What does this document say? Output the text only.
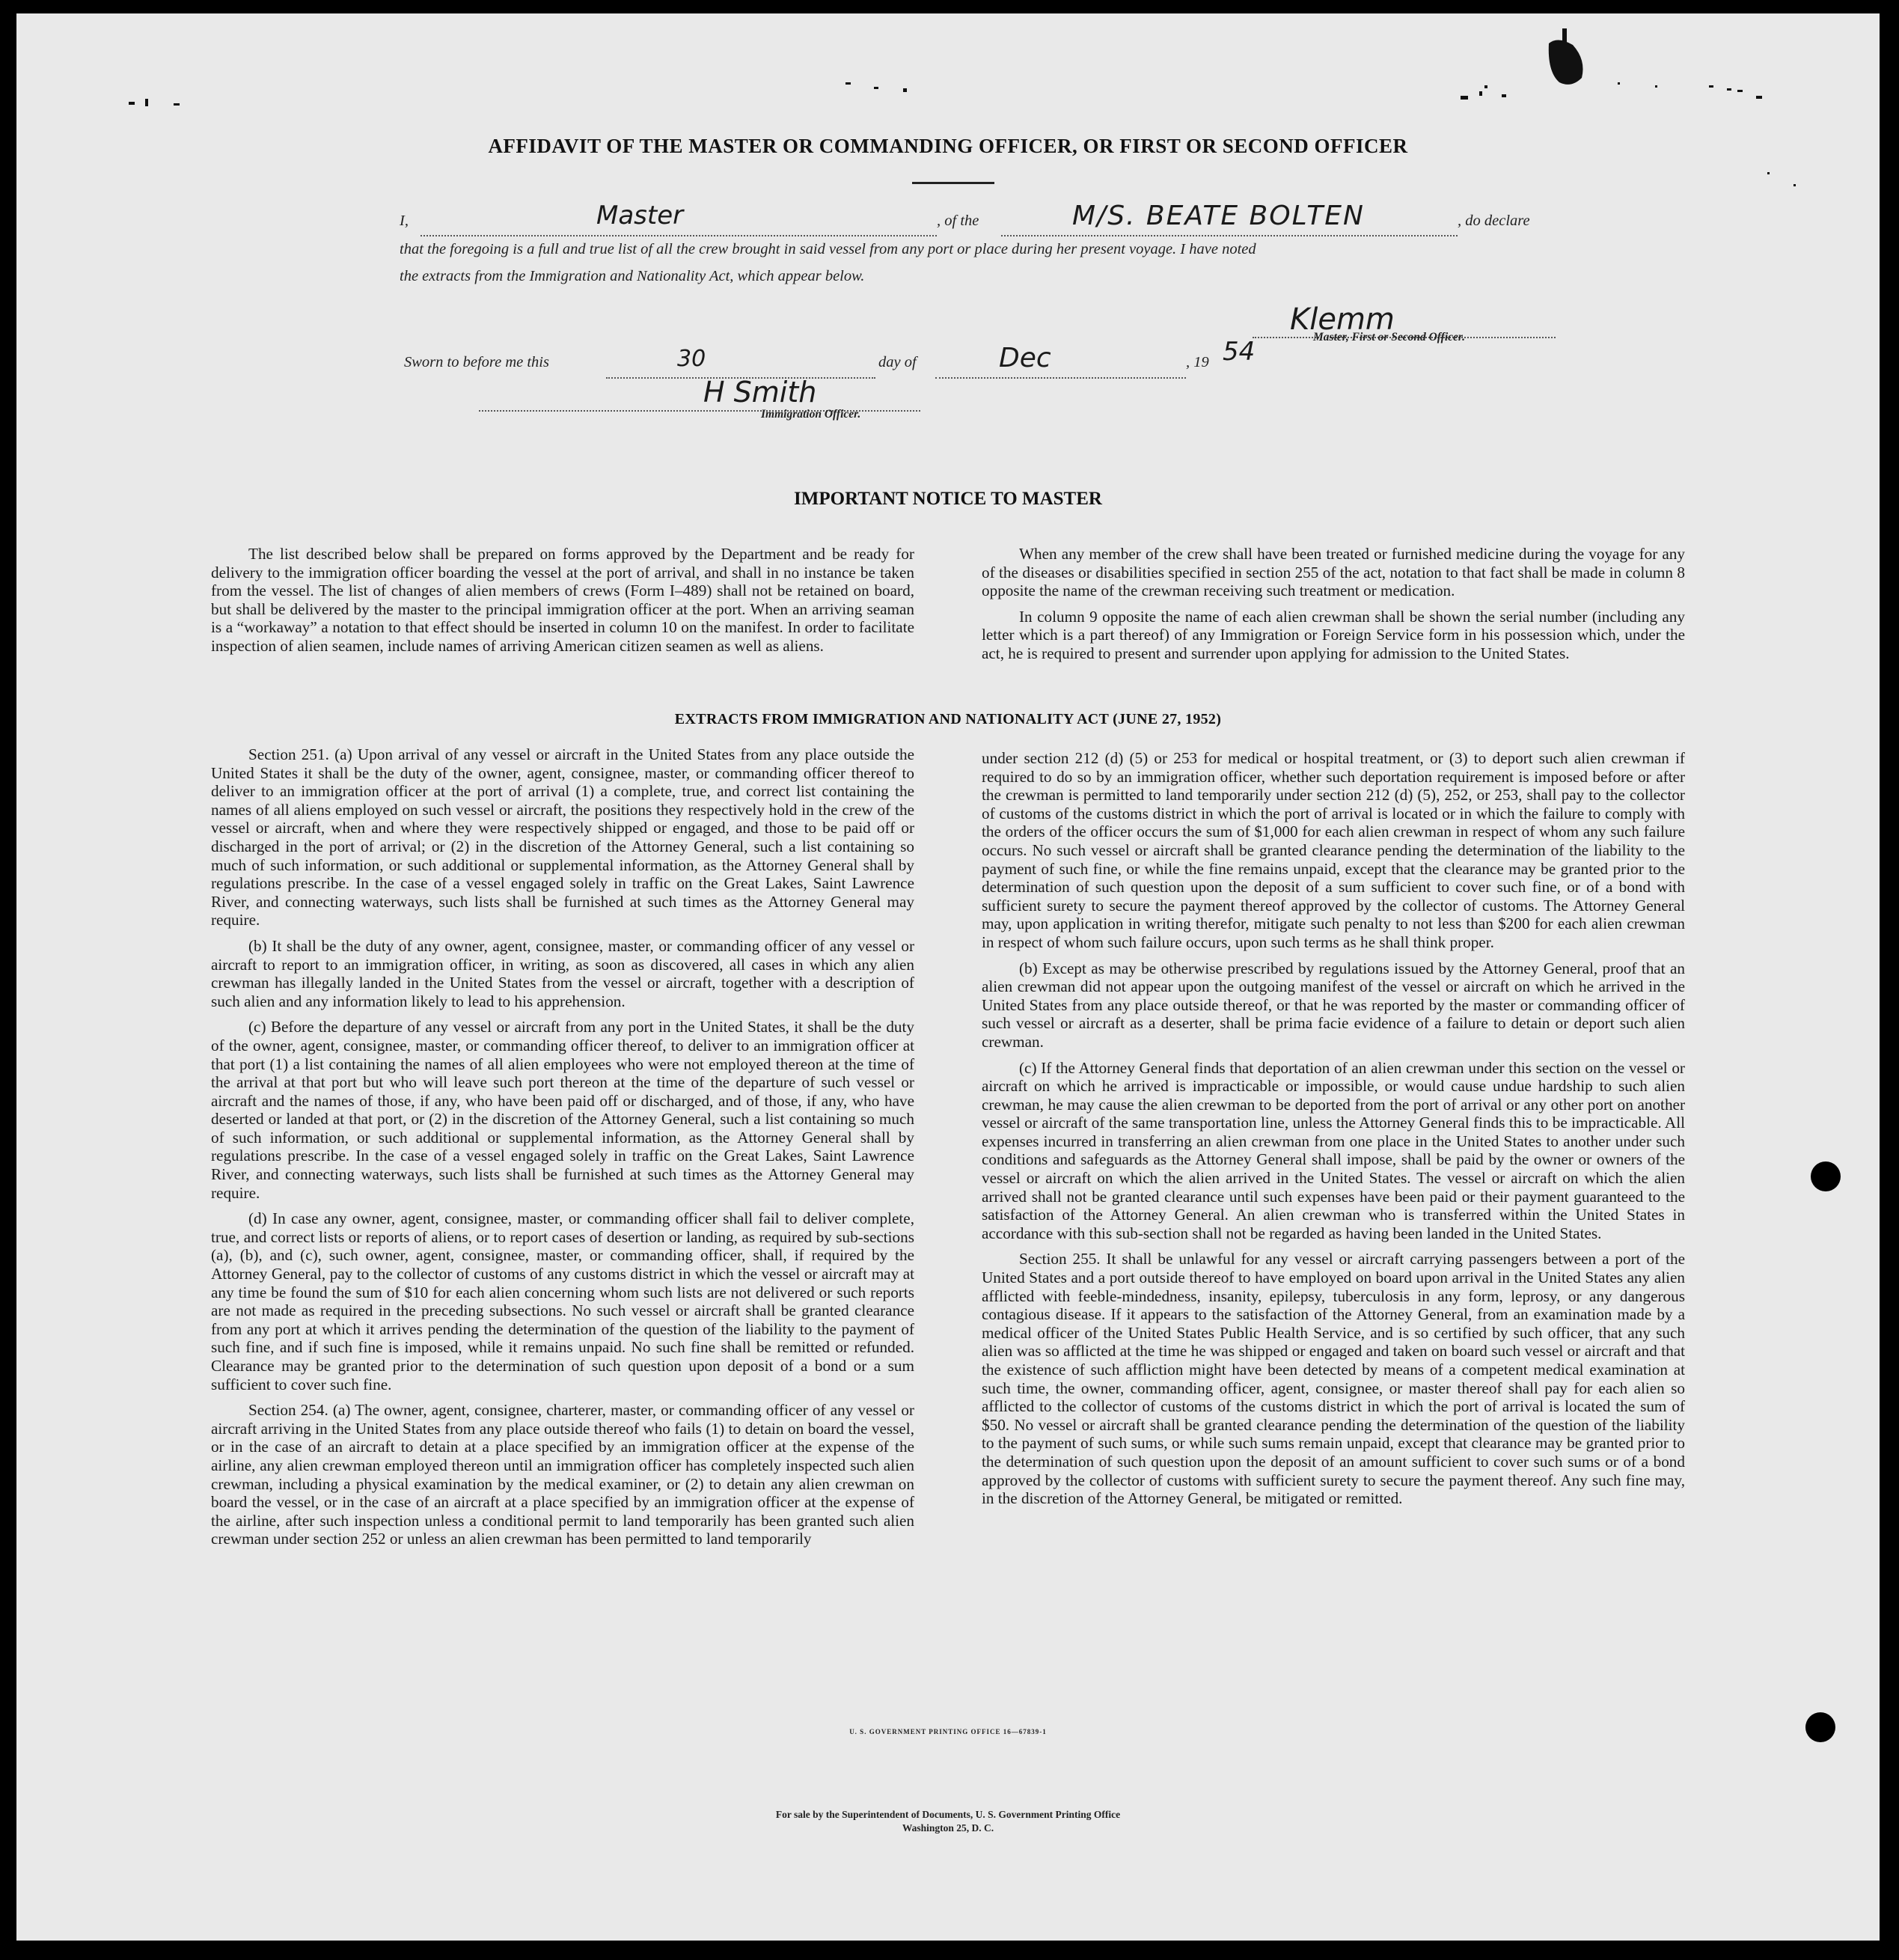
AFFIDAVIT OF THE MASTER OR COMMANDING OFFICER, OR FIRST OR SECOND OFFICER
I,	Master	, of the	M/S. BEATE BOLTEN	, do declare
that the foregoing is a full and true list of all the crew brought in said vessel from any port or place during her present voyage. I have noted
the extracts from the Immigration and Nationality Act, which appear below.
Klemm
Master, First or Second Officer.
Sworn to before me this	30	day of	Dec	, 19 54
H Smith
Immigration Officer.
IMPORTANT NOTICE TO MASTER

The list described below shall be prepared on forms approved by the Department and be ready for delivery to the immigration officer boarding the vessel at the port of arrival, and shall in no instance be taken from the vessel. The list of changes of alien members of crews (Form I–489) shall not be retained on board, but shall be delivered by the master to the principal immigration officer at the port. When an arriving seaman is a “workaway” a notation to that effect should be inserted in column 10 on the manifest. In order to facilitate inspection of alien seamen, include names of arriving American citizen seamen as well as aliens.

When any member of the crew shall have been treated or furnished medicine during the voyage for any of the diseases or disabilities specified in section 255 of the act, notation to that fact shall be made in column 8 opposite the name of the crewman receiving such treatment or medication.

In column 9 opposite the name of each alien crewman shall be shown the serial number (including any letter which is a part thereof) of any Immigration or Foreign Service form in his possession which, under the act, he is required to present and surrender upon applying for admission to the United States.

EXTRACTS FROM IMMIGRATION AND NATIONALITY ACT (JUNE 27, 1952)

Section 251. (a) Upon arrival of any vessel or aircraft in the United States from any place outside the United States it shall be the duty of the owner, agent, consignee, master, or commanding officer thereof to deliver to an immigration officer at the port of arrival (1) a complete, true, and correct list containing the names of all aliens employed on such vessel or aircraft, the positions they respectively hold in the crew of the vessel or aircraft, when and where they were respectively shipped or engaged, and those to be paid off or discharged in the port of arrival; or (2) in the discretion of the Attorney General, such a list containing so much of such information, or such additional or supplemental information, as the Attorney General shall by regulations prescribe. In the case of a vessel engaged solely in traffic on the Great Lakes, Saint Lawrence River, and connecting waterways, such lists shall be furnished at such times as the Attorney General may require.

(b) It shall be the duty of any owner, agent, consignee, master, or commanding officer of any vessel or aircraft to report to an immigration officer, in writing, as soon as discovered, all cases in which any alien crewman has illegally landed in the United States from the vessel or aircraft, together with a description of such alien and any information likely to lead to his apprehension.

(c) Before the departure of any vessel or aircraft from any port in the United States, it shall be the duty of the owner, agent, consignee, master, or commanding officer thereof, to deliver to an immigration officer at that port (1) a list containing the names of all alien employees who were not employed thereon at the time of the arrival at that port but who will leave such port thereon at the time of the departure of such vessel or aircraft and the names of those, if any, who have been paid off or discharged, and of those, if any, who have deserted or landed at that port, or (2) in the discretion of the Attorney General, such a list containing so much of such information, or such additional or supplemental information, as the Attorney General shall by regulations prescribe. In the case of a vessel engaged solely in traffic on the Great Lakes, Saint Lawrence River, and connecting waterways, such lists shall be furnished at such times as the Attorney General may require.

(d) In case any owner, agent, consignee, master, or commanding officer shall fail to deliver complete, true, and correct lists or reports of aliens, or to report cases of desertion or landing, as required by sub-sections (a), (b), and (c), such owner, agent, consignee, master, or commanding officer, shall, if required by the Attorney General, pay to the collector of customs of any customs district in which the vessel or aircraft may at any time be found the sum of $10 for each alien concerning whom such lists are not delivered or such reports are not made as required in the preceding subsections. No such vessel or aircraft shall be granted clearance from any port at which it arrives pending the determination of the question of the liability to the payment of such fine, and if such fine is imposed, while it remains unpaid. No such fine shall be remitted or refunded. Clearance may be granted prior to the determination of such question upon deposit of a bond or a sum sufficient to cover such fine.

Section 254. (a) The owner, agent, consignee, charterer, master, or commanding officer of any vessel or aircraft arriving in the United States from any place outside thereof who fails (1) to detain on board the vessel, or in the case of an aircraft to detain at a place specified by an immigration officer at the expense of the airline, any alien crewman employed thereon until an immigration officer has completely inspected such alien crewman, including a physical examination by the medical examiner, or (2) to detain any alien crewman on board the vessel, or in the case of an aircraft at a place specified by an immigration officer at the expense of the airline, after such inspection unless a conditional permit to land temporarily has been granted such alien crewman under section 252 or unless an alien crewman has been permitted to land temporarily

under section 212 (d) (5) or 253 for medical or hospital treatment, or (3) to deport such alien crewman if required to do so by an immigration officer, whether such deportation requirement is imposed before or after the crewman is permitted to land temporarily under section 212 (d) (5), 252, or 253, shall pay to the collector of customs of the customs district in which the port of arrival is located or in which the failure to comply with the orders of the officer occurs the sum of $1,000 for each alien crewman in respect of whom any such failure occurs. No such vessel or aircraft shall be granted clearance pending the determination of the liability to the payment of such fine, or while the fine remains unpaid, except that the clearance may be granted prior to the determination of such question upon the deposit of a sum sufficient to cover such fine, or of a bond with sufficient surety to secure the payment thereof approved by the collector of customs. The Attorney General may, upon application in writing therefor, mitigate such penalty to not less than $200 for each alien crewman in respect of whom such failure occurs, upon such terms as he shall think proper.

(b) Except as may be otherwise prescribed by regulations issued by the Attorney General, proof that an alien crewman did not appear upon the outgoing manifest of the vessel or aircraft on which he arrived in the United States from any place outside thereof, or that he was reported by the master or commanding officer of such vessel or aircraft as a deserter, shall be prima facie evidence of a failure to detain or deport such alien crewman.

(c) If the Attorney General finds that deportation of an alien crewman under this section on the vessel or aircraft on which he arrived is impracticable or impossible, or would cause undue hardship to such alien crewman, he may cause the alien crewman to be deported from the port of arrival or any other port on another vessel or aircraft of the same transportation line, unless the Attorney General finds this to be impracticable. All expenses incurred in transferring an alien crewman from one place in the United States to another under such conditions and safeguards as the Attorney General shall impose, shall be paid by the owner or owners of the vessel or aircraft on which the alien arrived in the United States. The vessel or aircraft on which the alien arrived shall not be granted clearance until such expenses have been paid or their payment guaranteed to the satisfaction of the Attorney General. An alien crewman who is transferred within the United States in accordance with this sub-section shall not be regarded as having been landed in the United States.

Section 255. It shall be unlawful for any vessel or aircraft carrying passengers between a port of the United States and a port outside thereof to have employed on board upon arrival in the United States any alien afflicted with feeble-mindedness, insanity, epilepsy, tuberculosis in any form, leprosy, or any dangerous contagious disease. If it appears to the satisfaction of the Attorney General, from an examination made by a medical officer of the United States Public Health Service, and is so certified by such officer, that any such alien was so afflicted at the time he was shipped or engaged and taken on board such vessel or aircraft and that the existence of such affliction might have been detected by means of a competent medical examination at such time, the owner, commanding officer, agent, consignee, or master thereof shall pay for each alien so afflicted to the collector of customs of the customs district in which the port of arrival is located the sum of $50. No vessel or aircraft shall be granted clearance pending the determination of the question of the liability to the payment of such sums, or while such sums remain unpaid, except that clearance may be granted prior to the determination of such question upon the deposit of an amount sufficient to cover such sums or of a bond approved by the collector of customs with sufficient surety to secure the payment thereof. Any such fine may, in the discretion of the Attorney General, be mitigated or remitted.

U. S. GOVERNMENT PRINTING OFFICE 16—67839-1
For sale by the Superintendent of Documents, U. S. Government Printing Office
Washington 25, D. C.
